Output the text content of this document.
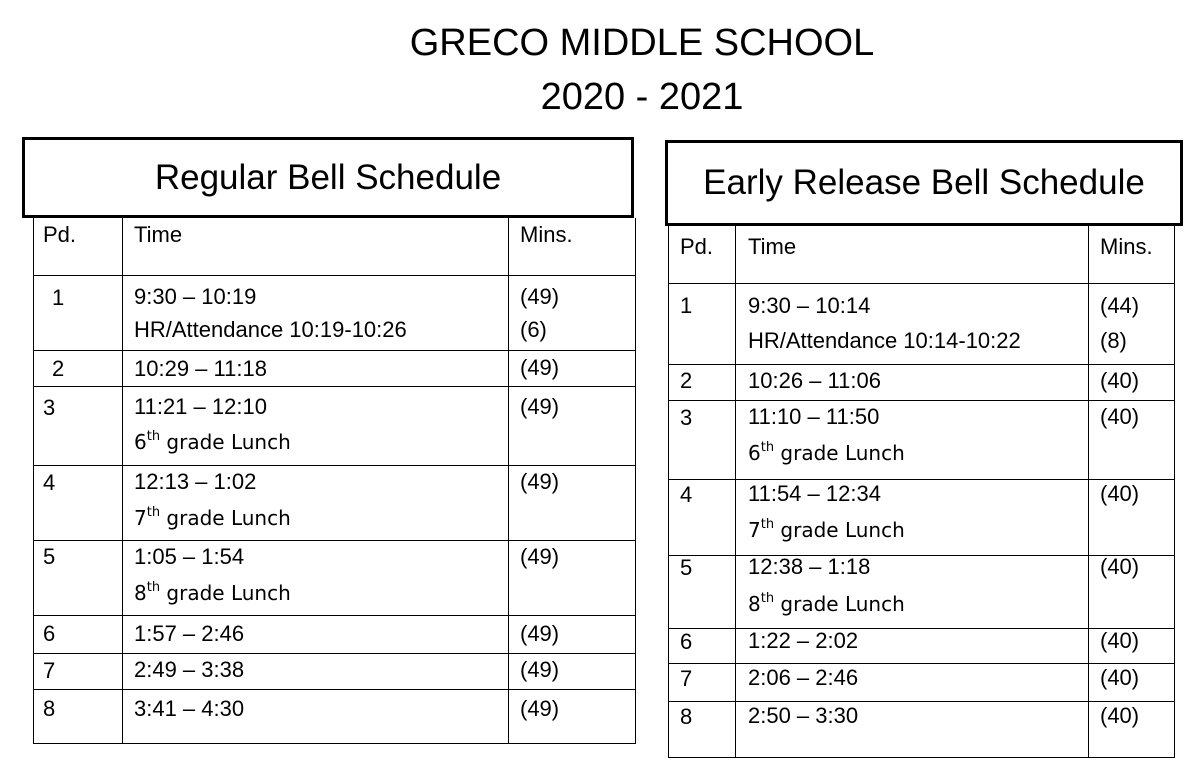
GRECO MIDDLE SCHOOL
2020 - 2021
Regular Bell Schedule	Early Release Bell Schedule
Pd.	Time	Mins.
1	9:30 – 10:19	(49)
HR/Attendance 10:19-10:26	(6)
2	10:29 – 11:18	(49)
3	11:21 – 12:10	(49)
6th grade Lunch
4	12:13 – 1:02	(49)
7th grade Lunch
5	1:05 – 1:54	(49)
8th grade Lunch
6	1:57 – 2:46	(49)
7	2:49 – 3:38	(49)
8	3:41 – 4:30	(49)
Pd. Time	Mins.
1	9:30 – 10:14	(44)
HR/Attendance 10:14-10:22	(8)
2	10:26 – 11:06	(40)
3	11:10 – 11:50	(40)
6th grade Lunch
4	11:54 – 12:34	(40)
7th grade Lunch
5	12:38 – 1:18	(40)
8th grade Lunch
6	1:22 – 2:02	(40)
7	2:06 – 2:46	(40)
8	2:50 – 3:30	(40)
